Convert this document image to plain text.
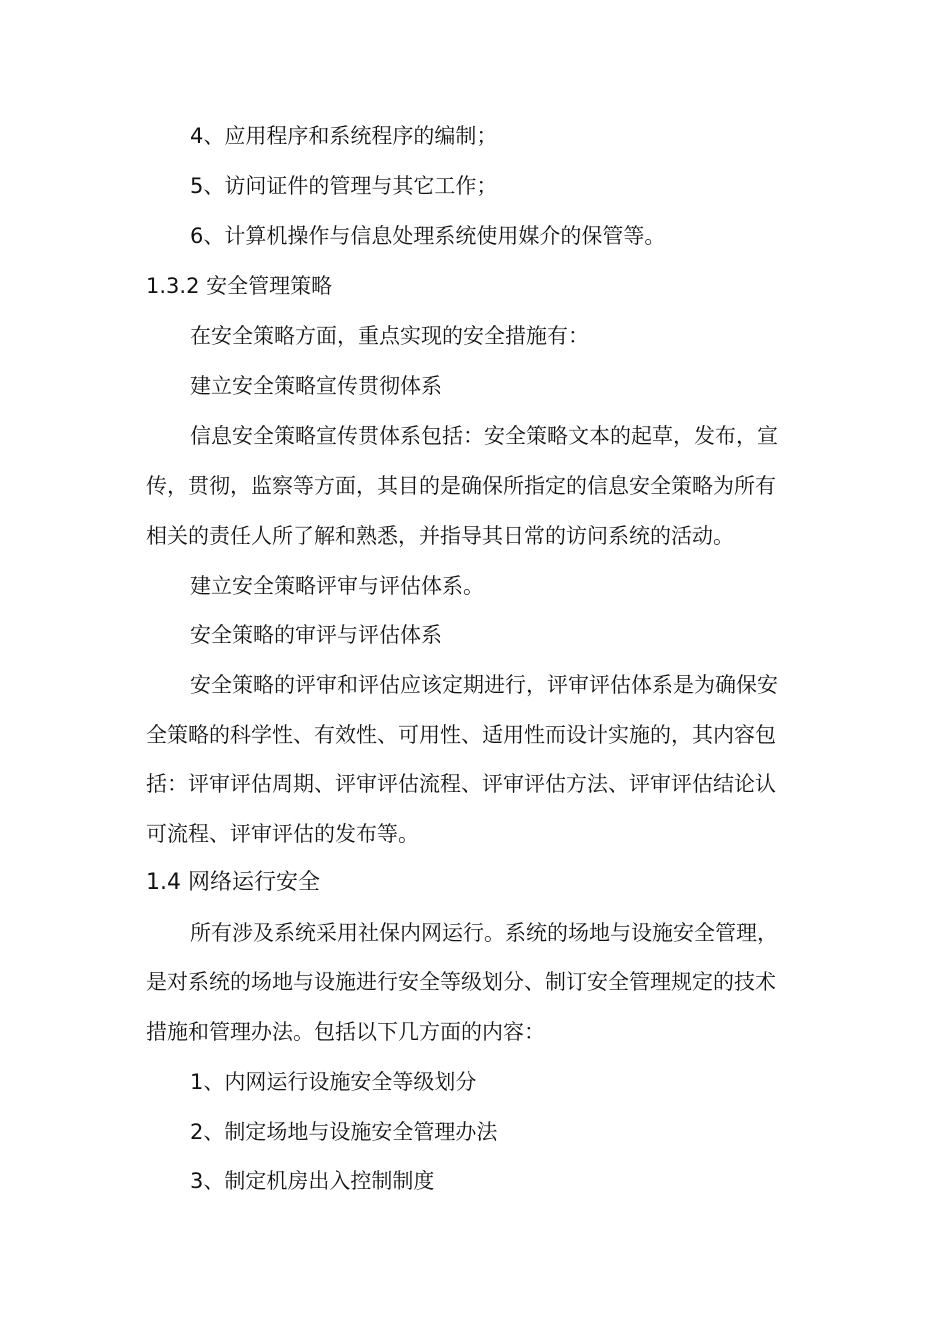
4、应用程序和系统程序的编制；
5、访问证件的管理与其它工作；
6、计算机操作与信息处理系统使用媒介的保管等。
1.3.2 安全管理策略
在安全策略方面，重点实现的安全措施有：
建立安全策略宣传贯彻体系
信息安全策略宣传贯体系包括：安全策略文本的起草，发布，宣
传，贯彻，监察等方面，其目的是确保所指定的信息安全策略为所有
相关的责任人所了解和熟悉，并指导其日常的访问系统的活动。
建立安全策略评审与评估体系。
安全策略的审评与评估体系
安全策略的评审和评估应该定期进行，评审评估体系是为确保安
全策略的科学性、有效性、可用性、适用性而设计实施的，其内容包
括：评审评估周期、评审评估流程、评审评估方法、评审评估结论认
可流程、评审评估的发布等。
1.4 网络运行安全
所有涉及系统采用社保内网运行。系统的场地与设施安全管理，
是对系统的场地与设施进行安全等级划分、制订安全管理规定的技术
措施和管理办法。包括以下几方面的内容：
1、内网运行设施安全等级划分
2、制定场地与设施安全管理办法
3、制定机房出入控制制度
